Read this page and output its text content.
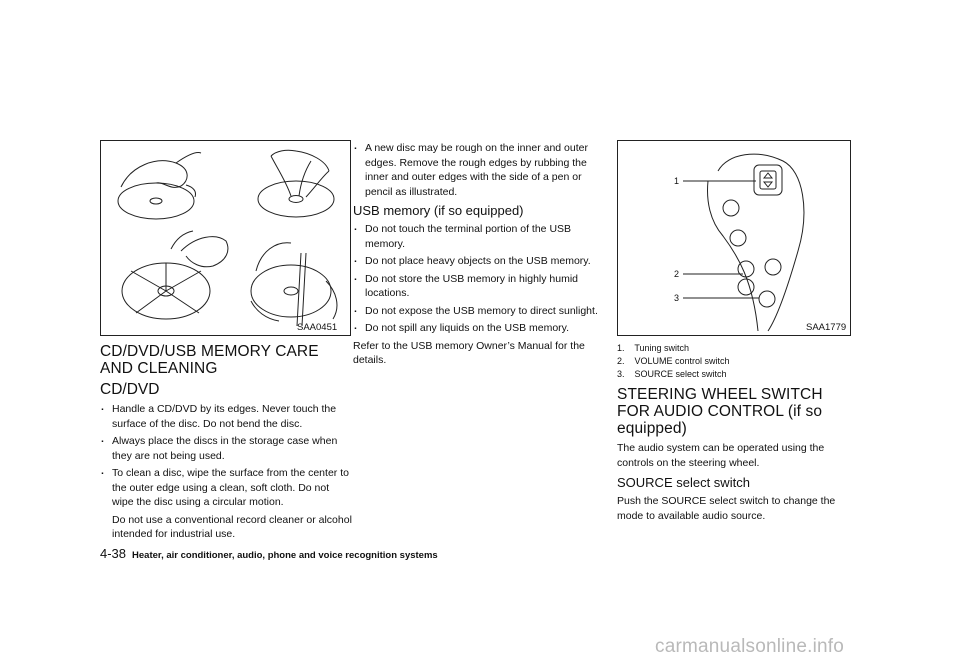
SAA0451
CD/DVD/USB MEMORY CARE AND CLEANING
CD/DVD
. Handle a CD/DVD by its edges. Never touch the surface of the disc. Do not bend the disc.
. Always place the discs in the storage case when they are not being used.
. To clean a disc, wipe the surface from the center to the outer edge using a clean, soft cloth. Do not wipe the disc using a circular motion.
Do not use a conventional record cleaner or alcohol intended for industrial use.
. A new disc may be rough on the inner and outer edges. Remove the rough edges by rubbing the inner and outer edges with the side of a pen or pencil as illustrated.
USB memory (if so equipped)
. Do not touch the terminal portion of the USB memory.
. Do not place heavy objects on the USB memory.
. Do not store the USB memory in highly humid locations.
. Do not expose the USB memory to direct sunlight.
. Do not spill any liquids on the USB memory.

Refer to the USB memory Owner’s Manual for the details.

1
2
3
SAA1779
1. Tuning switch
2. VOLUME control switch
3. SOURCE select switch
STEERING WHEEL SWITCH FOR AUDIO CONTROL (if so equipped)

The audio system can be operated using the controls on the steering wheel.

SOURCE select switch

Push the SOURCE select switch to change the mode to available audio source.

4-38 Heater, air conditioner, audio, phone and voice recognition systems
carmanualsonline.info
